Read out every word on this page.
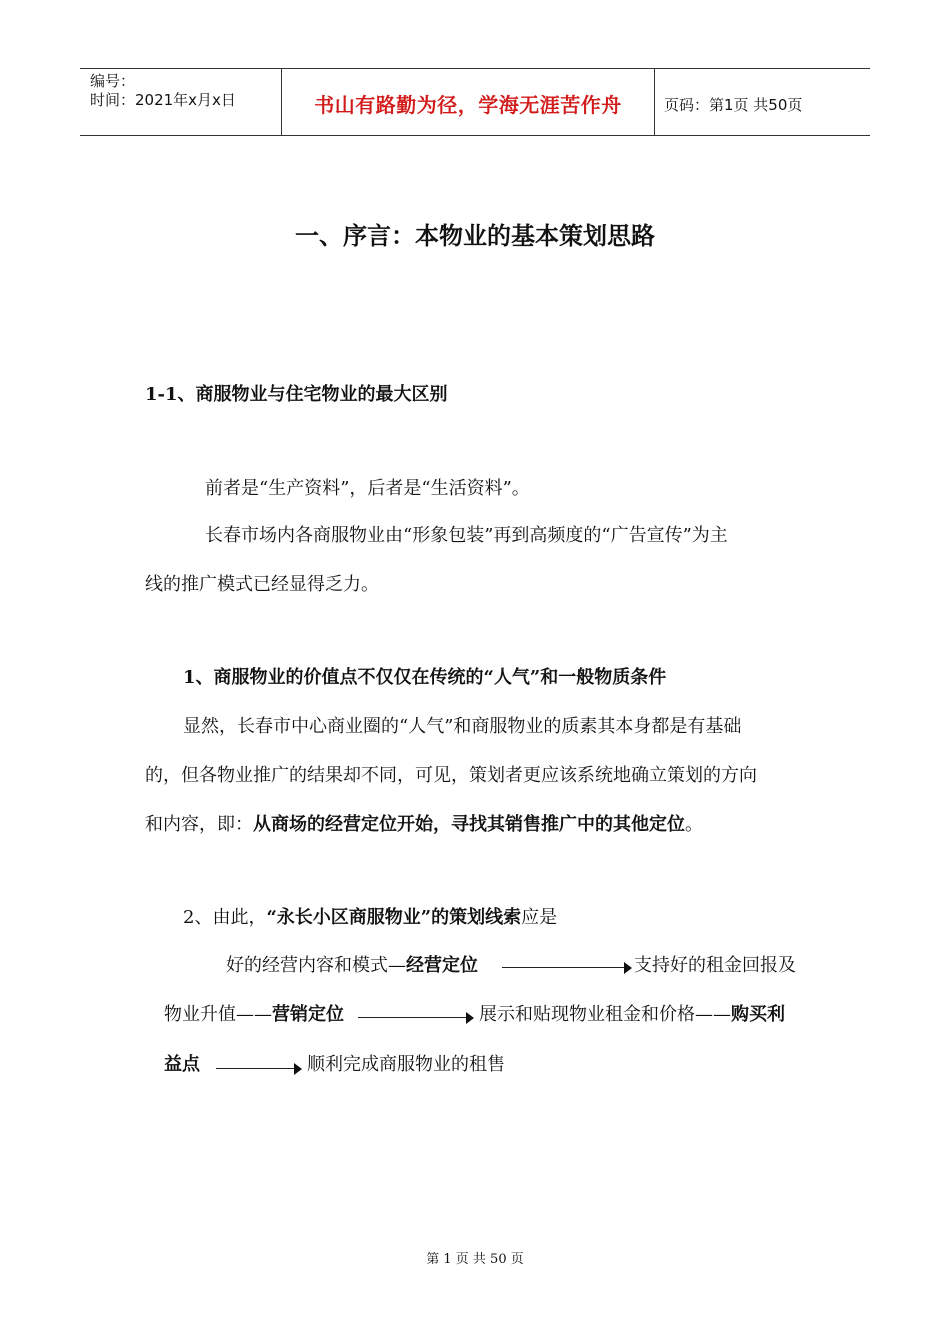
编号：
时间：2021年x月x日	书山有路勤为径，学海无涯苦作舟	页码：第1页 共50页
一、序言：本物业的基本策划思路
1-1、商服物业与住宅物业的最大区别
前者是“生产资料”，后者是“生活资料”。
长春市场内各商服物业由“形象包装”再到高频度的“广告宣传”为主
线的推广模式已经显得乏力。
1、商服物业的价值点不仅仅在传统的“人气”和一般物质条件
显然，长春市中心商业圈的“人气”和商服物业的质素其本身都是有基础
的，但各物业推广的结果却不同，可见，策划者更应该系统地确立策划的方向
和内容，即：从商场的经营定位开始，寻找其销售推广中的其他定位。
2、由此，“永长小区商服物业”的策划线索应是
好的经营内容和模式—经营定位	支持好的租金回报及
物业升值——营销定位	展示和贴现物业租金和价格——购买利
益点	顺利完成商服物业的租售
第 1 页 共 50 页
